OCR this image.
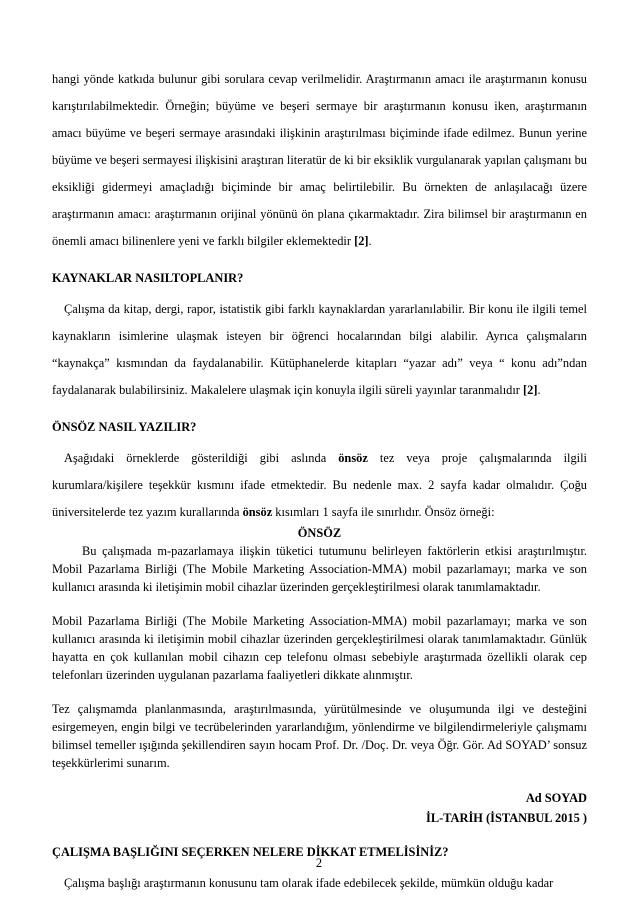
hangi yönde katkıda bulunur gibi sorulara cevap verilmelidir. Araştırmanın amacı ile araştırmanın konusu karıştırılabilmektedir. Örneğin; büyüme ve beşeri sermaye bir araştırmanın konusu iken, araştırmanın amacı büyüme ve beşeri sermaye arasındaki ilişkinin araştırılması biçiminde ifade edilmez. Bunun yerine büyüme ve beşeri sermayesi ilişkisini araştıran literatür de ki bir eksiklik vurgulanarak yapılan çalışmanı bu eksikliği gidermeyi amaçladığı biçiminde bir amaç belirtilebilir. Bu örnekten de anlaşılacağı üzere araştırmanın amacı: araştırmanın orijinal yönünü ön plana çıkarmaktadır. Zira bilimsel bir araştırmanın en önemli amacı bilinenlere yeni ve farklı bilgiler eklemektedir [2].

KAYNAKLAR NASILTOPLANIR?

Çalışma da kitap, dergi, rapor, istatistik gibi farklı kaynaklardan yararlanılabilir. Bir konu ile ilgili temel kaynakların isimlerine ulaşmak isteyen bir öğrenci hocalarından bilgi alabilir. Ayrıca çalışmaların “kaynakça” kısmından da faydalanabilir. Kütüphanelerde kitapları “yazar adı” veya “ konu adı”ndan faydalanarak bulabilirsiniz. Makalelere ulaşmak için konuyla ilgili süreli yayınlar taranmalıdır [2].

ÖNSÖZ NASIL YAZILIR?

Aşağıdaki örneklerde gösterildiği gibi aslında önsöz tez veya proje çalışmalarında ilgili kurumlara/kişilere teşekkür kısmını ifade etmektedir. Bu nedenle max. 2 sayfa kadar olmalıdır. Çoğu üniversitelerde tez yazım kurallarında önsöz kısımları 1 sayfa ile sınırlıdır. Önsöz örneği:

ÖNSÖZ

Bu çalışmada m-pazarlamaya ilişkin tüketici tutumunu belirleyen faktörlerin etkisi araştırılmıştır. Mobil Pazarlama Birliği (The Mobile Marketing Association-MMA) mobil pazarlamayı; marka ve son kullanıcı arasında ki iletişimin mobil cihazlar üzerinden gerçekleştirilmesi olarak tanımlamaktadır.

Mobil Pazarlama Birliği (The Mobile Marketing Association-MMA) mobil pazarlamayı; marka ve son kullanıcı arasında ki iletişimin mobil cihazlar üzerinden gerçekleştirilmesi olarak tanımlamaktadır. Günlük hayatta en çok kullanılan mobil cihazın cep telefonu olması sebebiyle araştırmada özellikli olarak cep telefonları üzerinden uygulanan pazarlama faaliyetleri dikkate alınmıştır.

Tez çalışmamda planlanmasında, araştırılmasında, yürütülmesinde ve oluşumunda ilgi ve desteğini esirgemeyen, engin bilgi ve tecrübelerinden yararlandığım, yönlendirme ve bilgilendirmeleriyle çalışmamı bilimsel temeller ışığında şekillendiren sayın hocam Prof. Dr. /Doç. Dr. veya Öğr. Gör. Ad SOYAD’ sonsuz teşekkürlerimi sunarım.

Ad SOYAD

İL-TARİH (İSTANBUL 2015 )

ÇALIŞMA BAŞLIĞINI SEÇERKEN NELERE DİKKAT ETMELİSİNİZ?

Çalışma başlığı araştırmanın konusunu tam olarak ifade edebilecek şekilde, mümkün olduğu kadar

2
